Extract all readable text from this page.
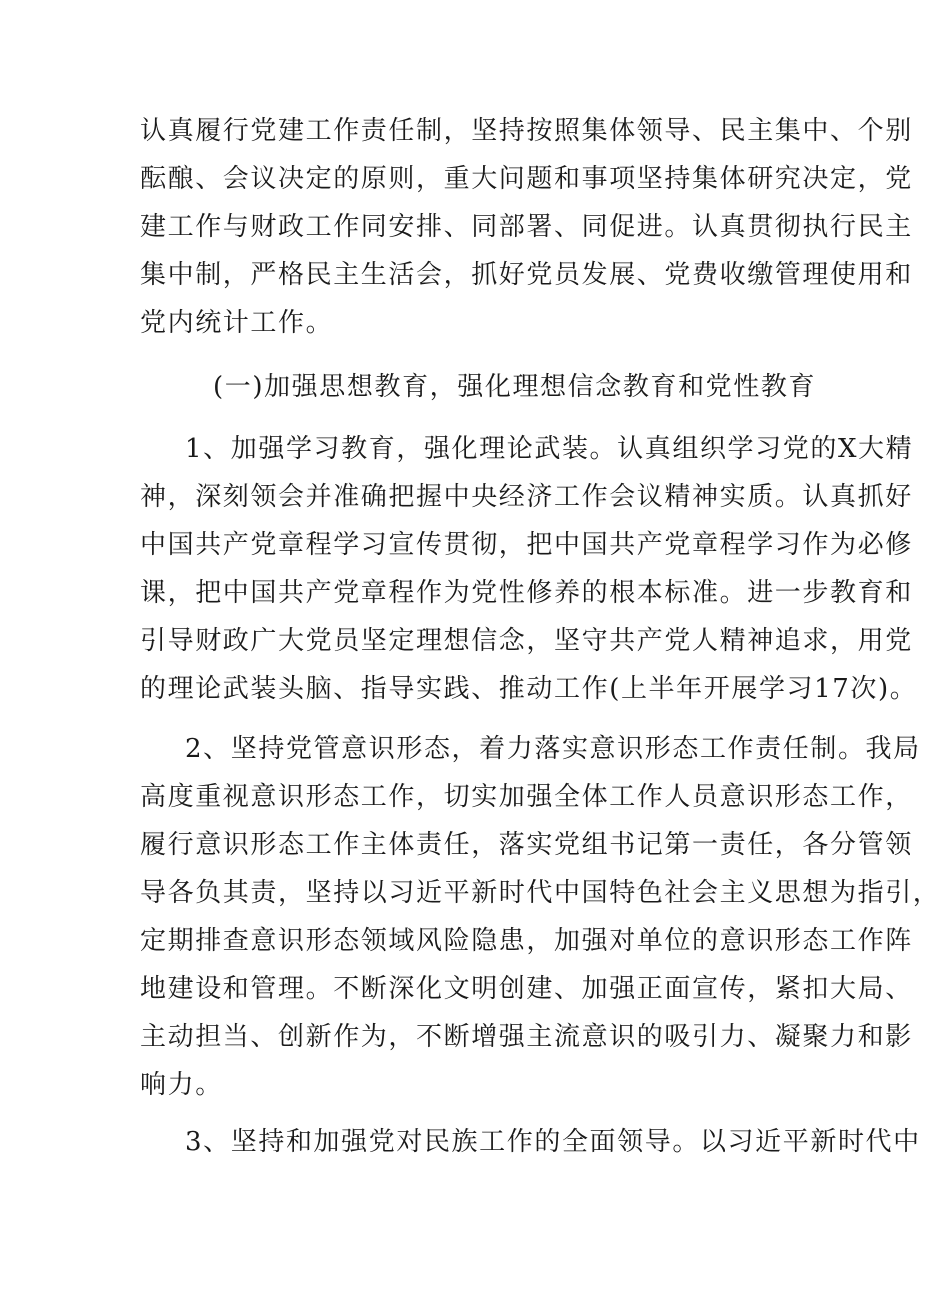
认真履行党建工作责任制，坚持按照集体领导、民主集中、个别
酝酿、会议决定的原则，重大问题和事项坚持集体研究决定，党
建工作与财政工作同安排、同部署、同促进。认真贯彻执行民主
集中制，严格民主生活会，抓好党员发展、党费收缴管理使用和
党内统计工作。
(一)加强思想教育，强化理想信念教育和党性教育
1、加强学习教育，强化理论武装。认真组织学习党的X大精
神，深刻领会并准确把握中央经济工作会议精神实质。认真抓好
中国共产党章程学习宣传贯彻，把中国共产党章程学习作为必修
课，把中国共产党章程作为党性修养的根本标准。进一步教育和
引导财政广大党员坚定理想信念，坚守共产党人精神追求，用党
的理论武装头脑、指导实践、推动工作(上半年开展学习17次)。
2、坚持党管意识形态，着力落实意识形态工作责任制。我局
高度重视意识形态工作，切实加强全体工作人员意识形态工作，
履行意识形态工作主体责任，落实党组书记第一责任，各分管领
导各负其责，坚持以习近平新时代中国特色社会主义思想为指引，
定期排查意识形态领域风险隐患，加强对单位的意识形态工作阵
地建设和管理。不断深化文明创建、加强正面宣传，紧扣大局、
主动担当、创新作为，不断增强主流意识的吸引力、凝聚力和影
响力。
3、坚持和加强党对民族工作的全面领导。以习近平新时代中
